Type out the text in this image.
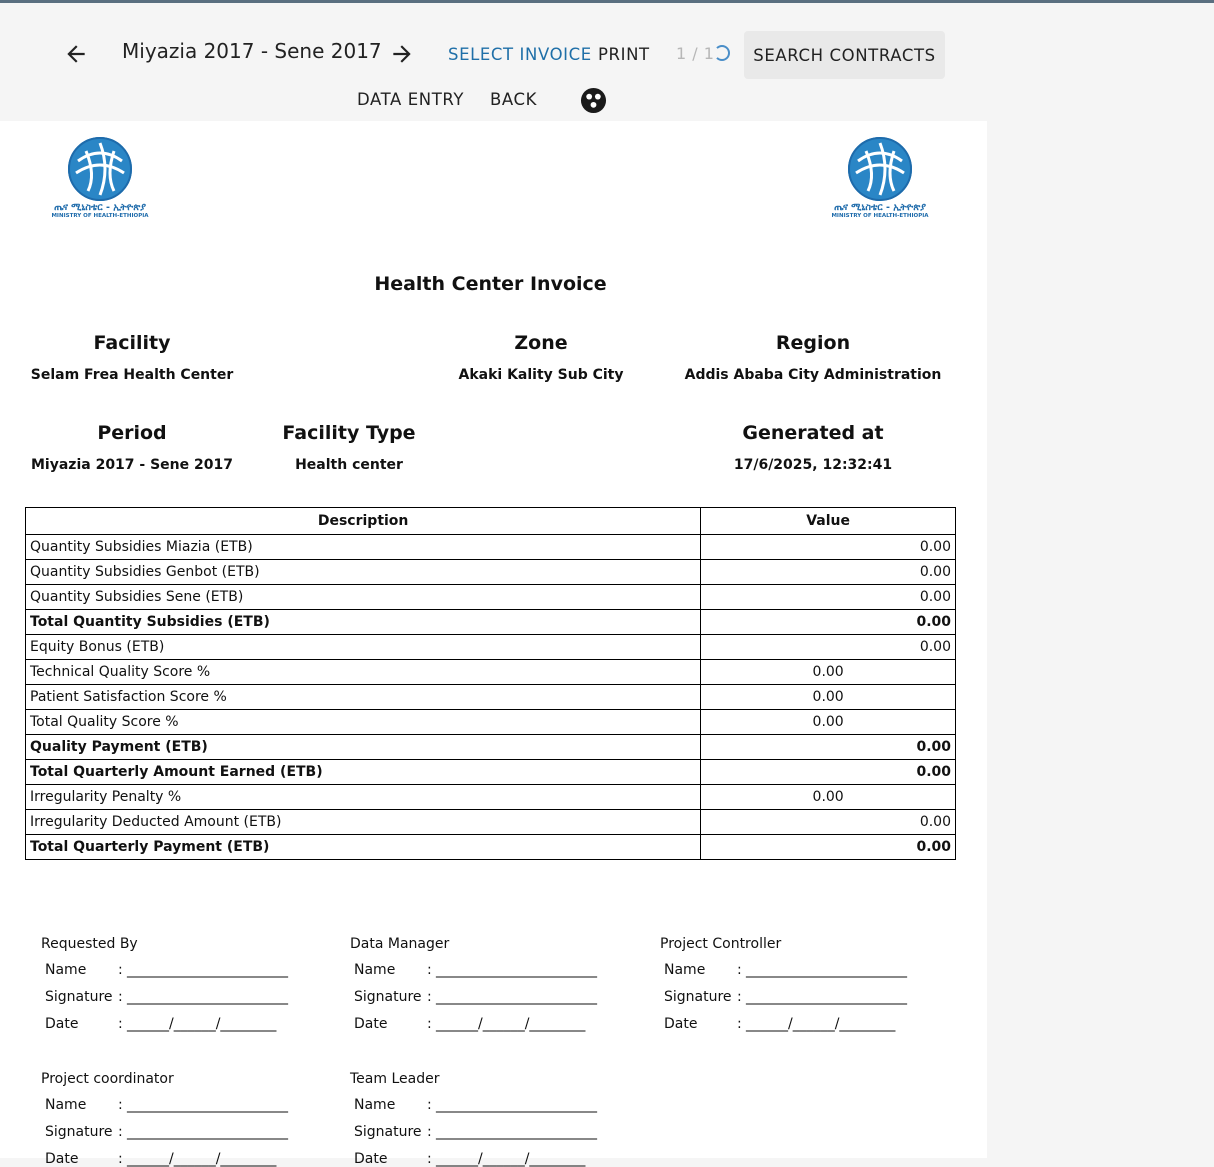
Miyazia 2017 - Sene 2017	SELECT INVOICE PRINT	1 / 1	SEARCH CONTRACTS
DATA ENTRY	BACK
ጤና ሚኒስቴር - ኢትዮጵያ
MINISTRY OF HEALTH-ETHIOPIA
ጤና ሚኒስቴር - ኢትዮጵያ
MINISTRY OF HEALTH-ETHIOPIA
Health Center Invoice
Facility
Selam Frea Health Center
Zone
Akaki Kality Sub City
Region
Addis Ababa City Administration
Period
Miyazia 2017 - Sene 2017
Facility Type
Health center
Generated at
17/6/2025, 12:32:41
Description	Value
Quantity Subsidies Miazia (ETB)	0.00
Quantity Subsidies Genbot (ETB)	0.00
Quantity Subsidies Sene (ETB)	0.00
Total Quantity Subsidies (ETB)	0.00
Equity Bonus (ETB)	0.00
Technical Quality Score %	0.00
Patient Satisfaction Score %	0.00
Total Quality Score %	0.00
Quality Payment (ETB)	0.00
Total Quarterly Amount Earned (ETB)	0.00
Irregularity Penalty %	0.00
Irregularity Deducted Amount (ETB)	0.00
Total Quarterly Payment (ETB)	0.00
Requested By
Name : _______________________
Signature : _______________________
Date	: ______/______/________
Data Manager
Name : _______________________
Signature : _______________________
Date	: ______/______/________
Project Controller
Name : _______________________
Signature : _______________________
Date	: ______/______/________
Project coordinator
Name : _______________________
Signature : _______________________
Date	: ______/______/________
Team Leader
Name : _______________________
Signature : _______________________
Date	: ______/______/________
